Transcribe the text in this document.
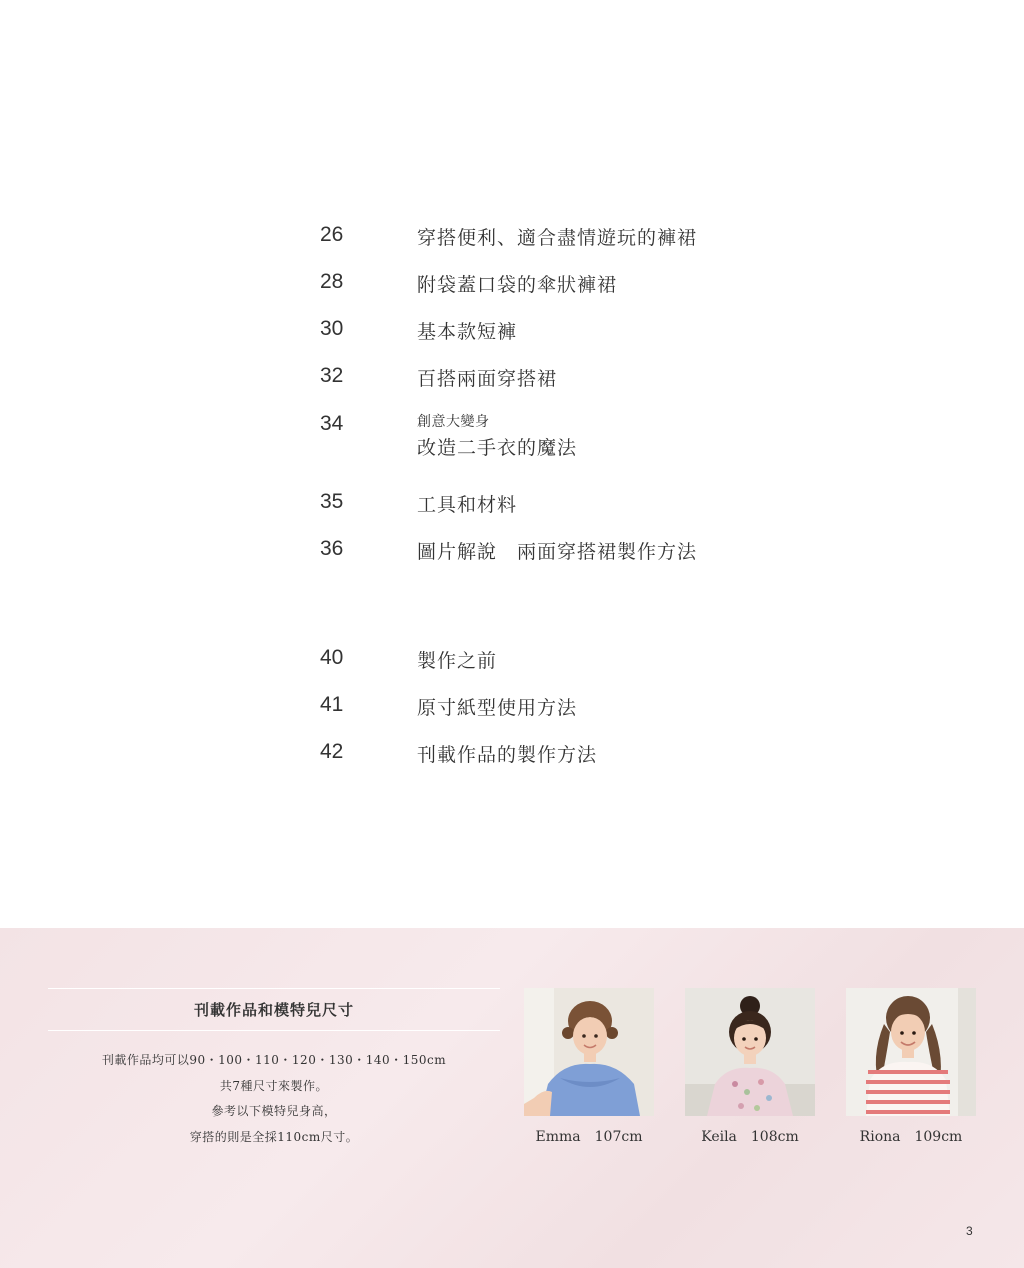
26	穿搭便利、適合盡情遊玩的褲裙
28	附袋蓋口袋的傘狀褲裙
30	基本款短褲
32	百搭兩面穿搭裙
34	創意大變身
改造二手衣的魔法
35	工具和材料
36	圖片解說　兩面穿搭裙製作方法
40	製作之前
41	原寸紙型使用方法
42	刊載作品的製作方法
刊載作品和模特兒尺寸
刊載作品均可以90・100・110・120・130・140・150cm
共7種尺寸來製作。
參考以下模特兒身高，
穿搭的則是全採110cm尺寸。	Emma　107cm	Keila　108cm	Riona　109cm
3
